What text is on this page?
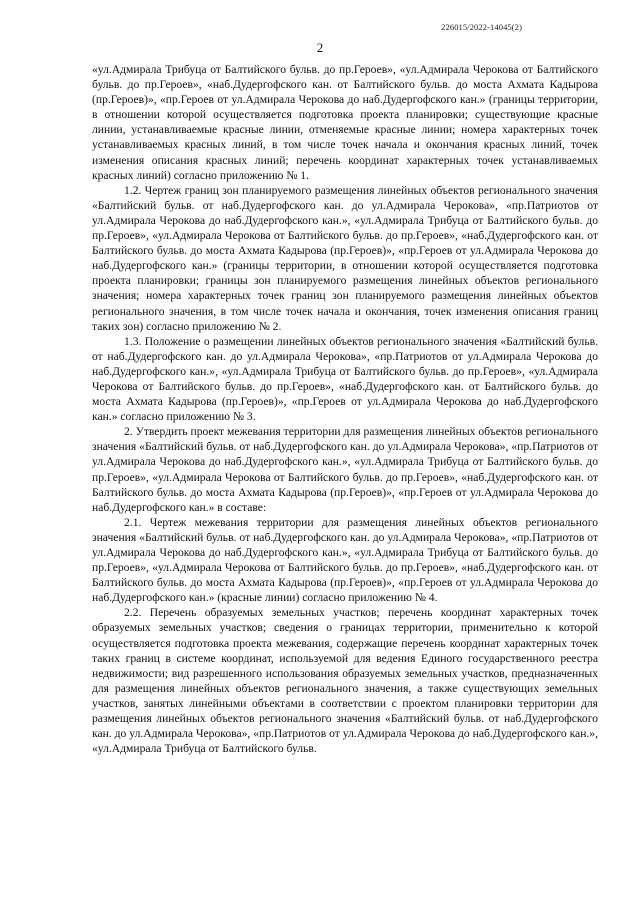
226015/2022-14045(2)
2

«ул.Адмирала Трибуца от Балтийского бульв. до пр.Героев», «ул.Адмирала Черокова от Балтийского бульв. до пр.Героев», «наб.Дудергофского кан. от Балтийского бульв. до моста Ахмата Кадырова (пр.Героев)», «пр.Героев от ул.Адмирала Черокова до наб.Дудергофского кан.» (границы территории, в отношении которой осуществляется подготовка проекта планировки; существующие красные линии, устанавливаемые красные линии, отменяемые красные линии; номера характерных точек устанавливаемых красных линий, в том числе точек начала и окончания красных линий, точек изменения описания красных линий; перечень координат характерных точек устанавливаемых красных линий) согласно приложению № 1.

1.2. Чертеж границ зон планируемого размещения линейных объектов регионального значения «Балтийский бульв. от наб.Дудергофского кан. до ул.Адмирала Черокова», «пр.Патриотов от ул.Адмирала Черокова до наб.Дудергофского кан.», «ул.Адмирала Трибуца от Балтийского бульв. до пр.Героев», «ул.Адмирала Черокова от Балтийского бульв. до пр.Героев», «наб.Дудергофского кан. от Балтийского бульв. до моста Ахмата Кадырова (пр.Героев)», «пр.Героев от ул.Адмирала Черокова до наб.Дудергофского кан.» (границы территории, в отношении которой осуществляется подготовка проекта планировки; границы зон планируемого размещения линейных объектов регионального значения; номера характерных точек границ зон планируемого размещения линейных объектов регионального значения, в том числе точек начала и окончания, точек изменения описания границ таких зон) согласно приложению № 2.

1.3. Положение о размещении линейных объектов регионального значения «Балтийский бульв. от наб.Дудергофского кан. до ул.Адмирала Черокова», «пр.Патриотов от ул.Адмирала Черокова до наб.Дудергофского кан.», «ул.Адмирала Трибуца от Балтийского бульв. до пр.Героев», «ул.Адмирала Черокова от Балтийского бульв. до пр.Героев», «наб.Дудергофского кан. от Балтийского бульв. до моста Ахмата Кадырова (пр.Героев)», «пр.Героев от ул.Адмирала Черокова до наб.Дудергофского кан.» согласно приложению № 3.

2. Утвердить проект межевания территории для размещения линейных объектов регионального значения «Балтийский бульв. от наб.Дудергофского кан. до ул.Адмирала Черокова», «пр.Патриотов от ул.Адмирала Черокова до наб.Дудергофского кан.», «ул.Адмирала Трибуца от Балтийского бульв. до пр.Героев», «ул.Адмирала Черокова от Балтийского бульв. до пр.Героев», «наб.Дудергофского кан. от Балтийского бульв. до моста Ахмата Кадырова (пр.Героев)», «пр.Героев от ул.Адмирала Черокова до наб.Дудергофского кан.» в составе:

2.1. Чертеж межевания территории для размещения линейных объектов регионального значения «Балтийский бульв. от наб.Дудергофского кан. до ул.Адмирала Черокова», «пр.Патриотов от ул.Адмирала Черокова до наб.Дудергофского кан.», «ул.Адмирала Трибуца от Балтийского бульв. до пр.Героев», «ул.Адмирала Черокова от Балтийского бульв. до пр.Героев», «наб.Дудергофского кан. от Балтийского бульв. до моста Ахмата Кадырова (пр.Героев)», «пр.Героев от ул.Адмирала Черокова до наб.Дудергофского кан.» (красные линии) согласно приложению № 4.

2.2. Перечень образуемых земельных участков; перечень координат характерных точек образуемых земельных участков; сведения о границах территории, применительно к которой осуществляется подготовка проекта межевания, содержащие перечень координат характерных точек таких границ в системе координат, используемой для ведения Единого государственного реестра недвижимости; вид разрешенного использования образуемых земельных участков, предназначенных для размещения линейных объектов регионального значения, а также существующих земельных участков, занятых линейными объектами в соответствии с проектом планировки территории для размещения линейных объектов регионального значения «Балтийский бульв. от наб.Дудергофского кан. до ул.Адмирала Черокова», «пр.Патриотов от ул.Адмирала Черокова до наб.Дудергофского кан.», «ул.Адмирала Трибуца от Балтийского бульв.
